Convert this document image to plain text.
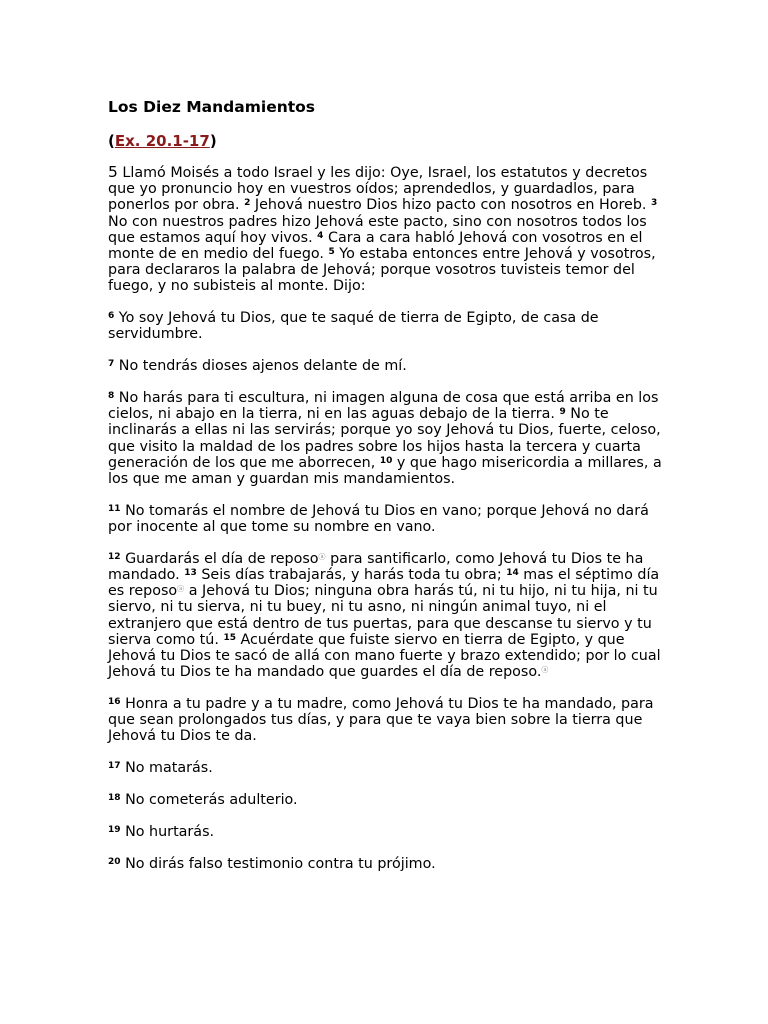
Los Diez Mandamientos

(Ex. 20.1-17)

5 Llamó Moisés a todo Israel y les dijo: Oye, Israel, los estatutos y decretos que yo pronuncio hoy en vuestros oídos; aprendedlos, y guardadlos, para ponerlos por obra. $^2$ Jehová nuestro Dios hizo pacto con nosotros en Horeb. $^3$ No con nuestros padres hizo Jehová este pacto, sino con nosotros todos los que estamos aquí hoy vivos. $^4$ Cara a cara habló Jehová con vosotros en el monte de en medio del fuego. $^5$ Yo estaba entonces entre Jehová y vosotros, para declararos la palabra de Jehová; porque vosotros tuvisteis temor del fuego, y no subisteis al monte. Dijo:

$^6$ Yo soy Jehová tu Dios, que te saqué de tierra de Egipto, de casa de servidumbre.

$^7$ No tendrás dioses ajenos delante de mí.

$^8$ No harás para ti escultura, ni imagen alguna de cosa que está arriba en los cielos, ni abajo en la tierra, ni en las aguas debajo de la tierra. $^9$ No te inclinarás a ellas ni las servirás; porque yo soy Jehová tu Dios, fuerte, celoso, que visito la maldad de los padres sobre los hijos hasta la tercera y cuarta generación de los que me aborrecen, $^{10}$ y que hago misericordia a millares, a los que me aman y guardan mis mandamientos.

$^{11}$ No tomarás el nombre de Jehová tu Dios en vano; porque Jehová no dará por inocente al que tome su nombre en vano.

$^{12}$ Guardarás el día de reposoⓐ para santificarlo, como Jehová tu Dios te ha mandado. $^{13}$ Seis días trabajarás, y harás toda tu obra; $^{14}$ mas el séptimo día es reposoⓐ a Jehová tu Dios; ninguna obra harás tú, ni tu hijo, ni tu hija, ni tu siervo, ni tu sierva, ni tu buey, ni tu asno, ni ningún animal tuyo, ni el extranjero que está dentro de tus puertas, para que descanse tu siervo y tu sierva como tú. $^{15}$ Acuérdate que fuiste siervo en tierra de Egipto, y que Jehová tu Dios te sacó de allá con mano fuerte y brazo extendido; por lo cual Jehová tu Dios te ha mandado que guardes el día de reposo.ⓐ

$^{16}$ Honra a tu padre y a tu madre, como Jehová tu Dios te ha mandado, para que sean prolongados tus días, y para que te vaya bien sobre la tierra que Jehová tu Dios te da.

$^{17}$ No matarás.

$^{18}$ No cometerás adulterio.

$^{19}$ No hurtarás.

$^{20}$ No dirás falso testimonio contra tu prójimo.
